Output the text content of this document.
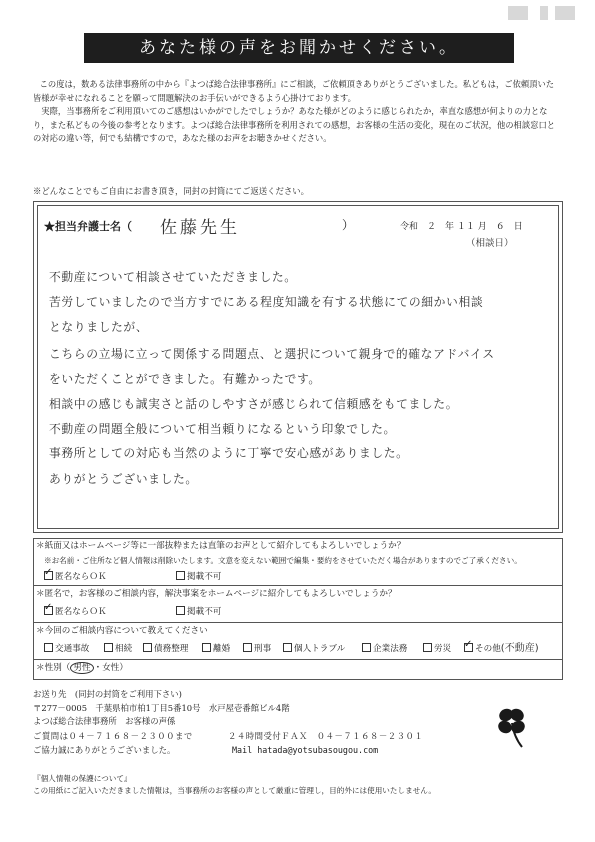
あなた様の声をお聞かせください。

この度は，数ある法律事務所の中から『よつば総合法律事務所』にご相談，ご依頼頂きありがとうございました。私どもは，ご依頼頂いた皆様が幸せになれることを願って問題解決のお手伝いができるよう心掛けております。

実際，当事務所をご利用頂いてのご感想はいかがでしたでしょうか？あなた様がどのように感じられたか，率直な感想が何よりの力となり，また私どもの今後の参考となります。よつば総合法律事務所を利用されての感想，お客様の生活の変化，現在のご状況，他の相談窓口との対応の違い等，何でも結構ですので，あなた様のお声をお聴きかせください。

※どんなことでもご自由にお書き頂き，同封の封筒にてご返送ください。
★担当弁護士名（ 佐藤先生	）	令和　２　年 １１ 月　６　日
（相談日）
不動産について相談させていただきました。
苦労していましたので当方すでにある程度知識を有する状態にての細かい相談
となりましたが、
こちらの立場に立って関係する問題点、と選択について親身で的確なアドバイス
をいただくことができました。有難かったです。
相談中の感じも誠実さと話のしやすさが感じられて信頼感をもてました。
不動産の問題全般について相当頼りになるという印象でした。
事務所としての対応も当然のように丁寧で安心感がありました。
ありがとうございました。
＊紙面又はホームページ等に一部抜粋または直筆のお声として紹介してもよろしいでしょうか？
※お名前・ご住所など個人情報は削除いたします。文意を変えない範囲で編集・要約をさせていただく場合がありますのでご了承ください。
✓匿名ならＯＫ	掲載不可
＊匿名で，お客様のご相談内容，解決事案をホームページに紹介してもよろしいでしょうか？
✓匿名ならＯＫ	掲載不可
＊今回のご相談内容について教えてください
交通事故	相続	債務整理	離婚	刑事	個人トラブル	企業法務	労災
✓	その他(不動産)
＊性別（ 男性 ・女性）
お送り先　(同封の封筒をご利用下さい)
〒277－0005　千葉県柏市柏1丁目5番10号　水戸屋壱番館ビル4階
よつば総合法律事務所　お客様の声係
ご質問は０４－７１６８－２３００まで	２４時間受付ＦＡＸ　０４－７１６８－２３０１
ご協力誠にありがとうございました。	Mail hatada@yotsubasougou.com
『個人情報の保護について』
この用紙にご記入いただきました情報は，当事務所のお客様の声として厳重に管理し，目的外には使用いたしません。
